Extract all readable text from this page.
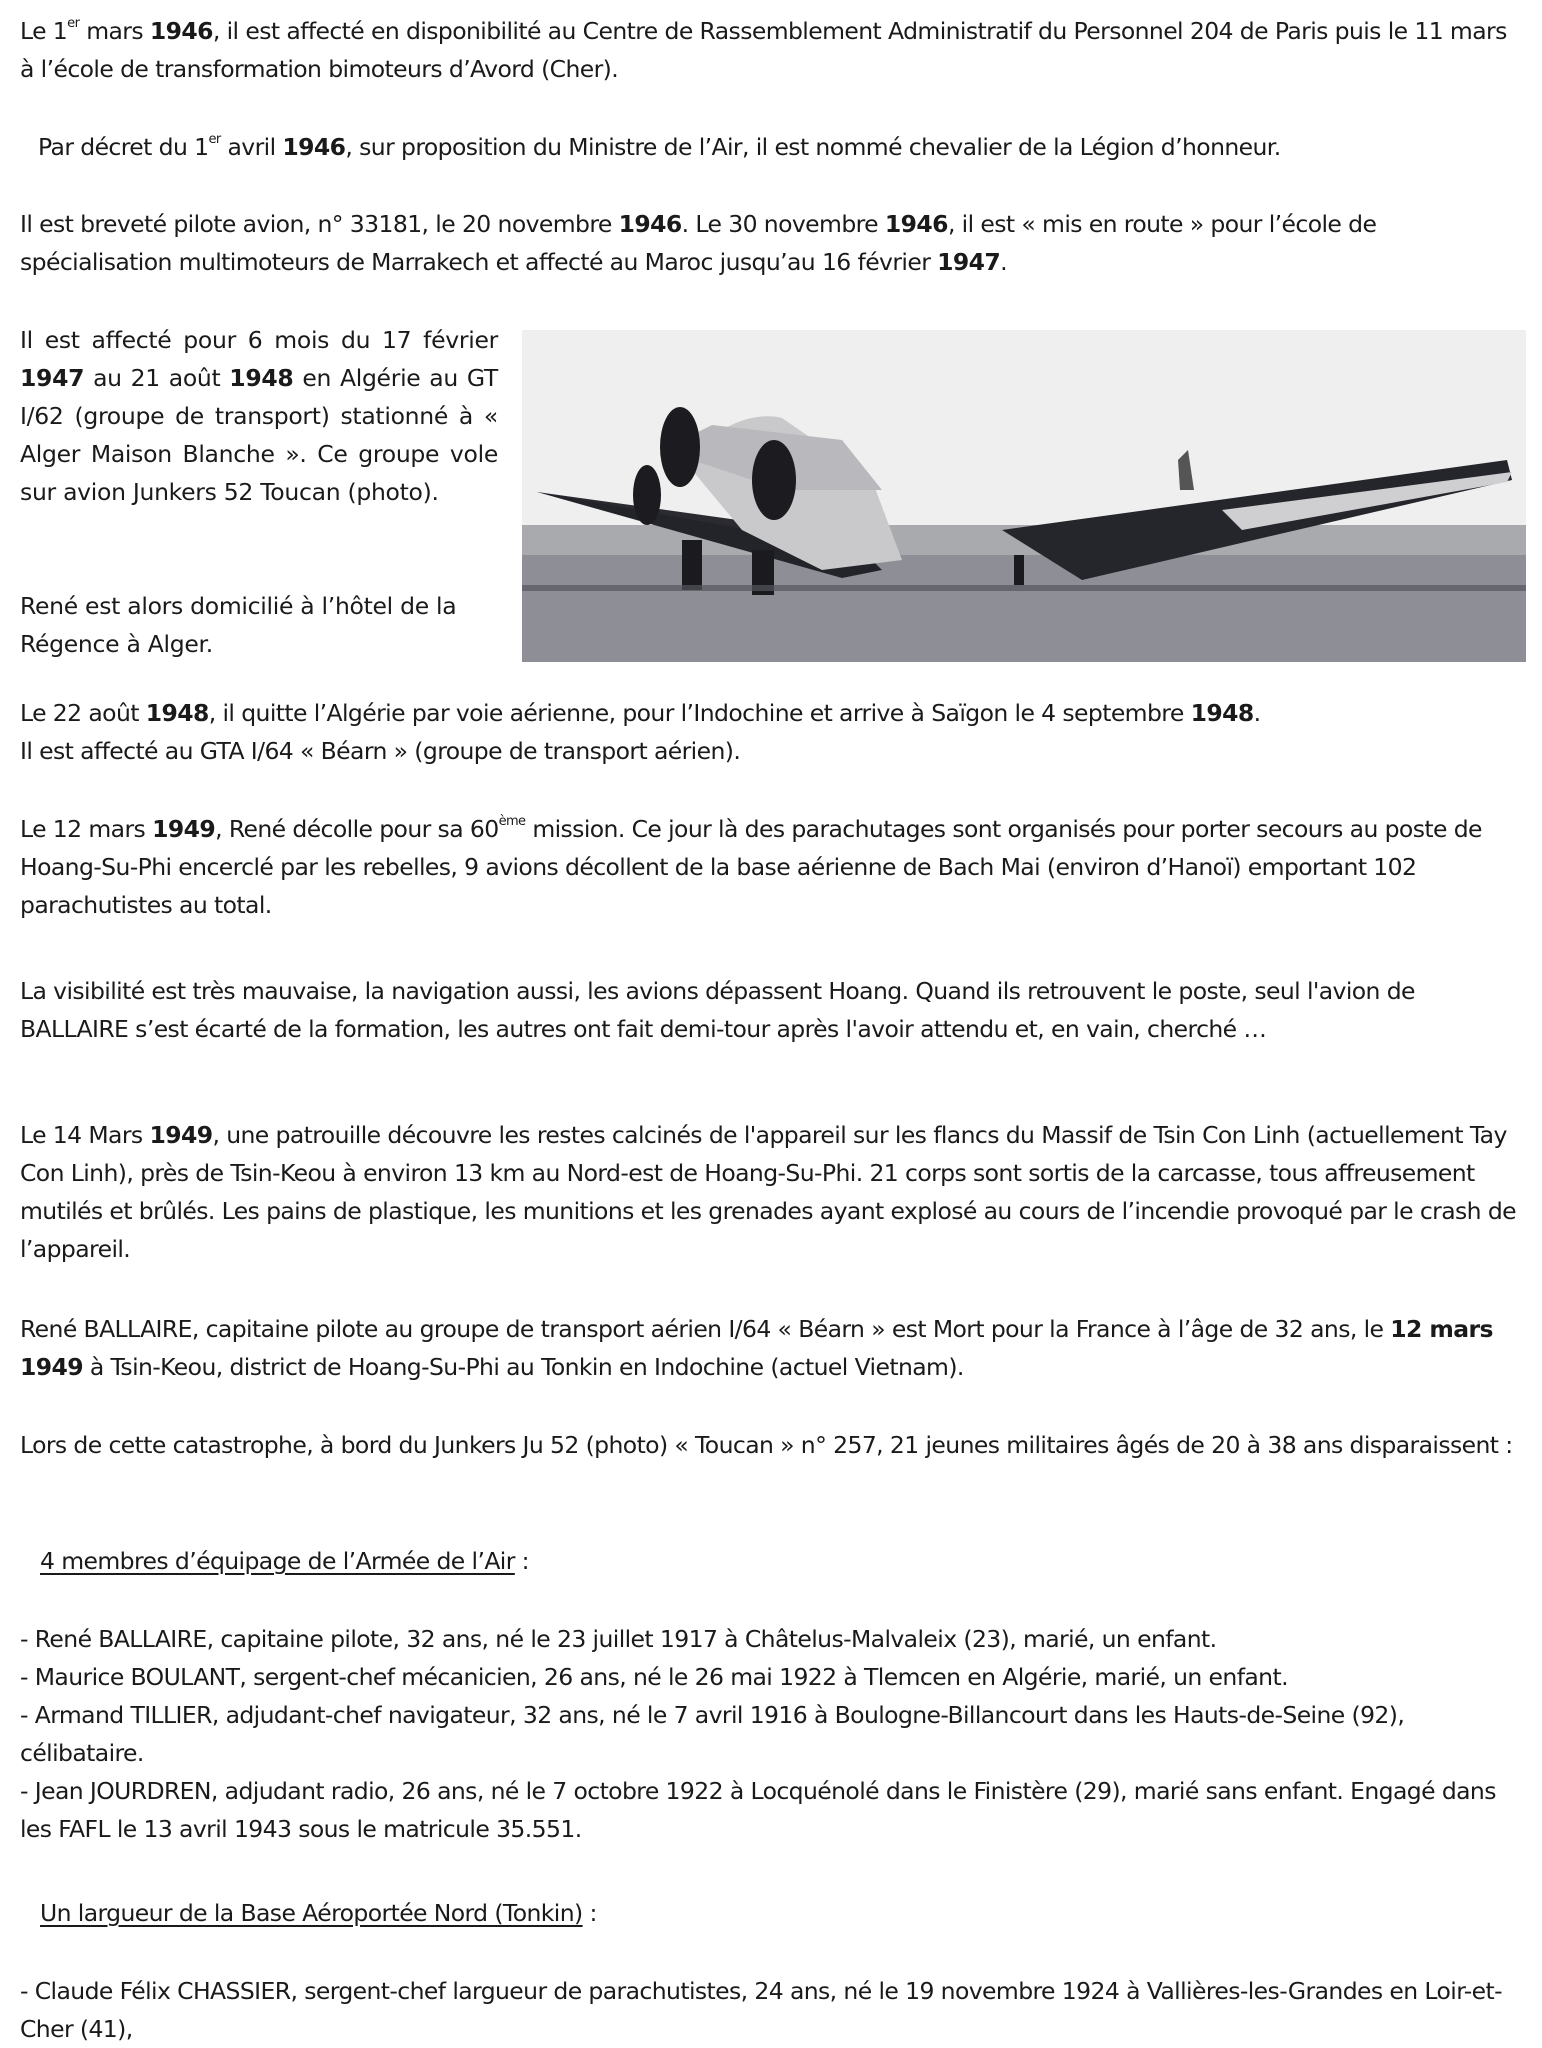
Le 1er mars 1946, il est affecté en disponibilité au Centre de Rassemblement Administratif du Personnel 204 de Paris puis le 11 mars à l’école de transformation bimoteurs d’Avord (Cher).

Par décret du 1er avril 1946, sur proposition du Ministre de l’Air, il est nommé chevalier de la Légion d’honneur.

Il est breveté pilote avion, n° 33181, le 20 novembre 1946. Le 30 novembre 1946, il est « mis en route » pour l’école de spécialisation multimoteurs de Marrakech et affecté au Maroc jusqu’au 16 février 1947.

Il est affecté pour 6 mois du 17 février 1947 au 21 août 1948 en Algérie au GT I/62 (groupe de transport) stationné à « Alger Maison Blanche ». Ce groupe vole sur avion Junkers 52 Toucan (photo).

René est alors domicilié à l’hôtel de la Régence à Alger.

Le 22 août 1948, il quitte l’Algérie par voie aérienne, pour l’Indochine et arrive à Saïgon le 4 septembre 1948.
Il est affecté au GTA I/64 « Béarn » (groupe de transport aérien).

Le 12 mars 1949, René décolle pour sa 60ème mission. Ce jour là des parachutages sont organisés pour porter secours au poste de Hoang-Su-Phi encerclé par les rebelles, 9 avions décollent de la base aérienne de Bach Mai (environ d’Hanoï) emportant 102 parachutistes au total.

La visibilité est très mauvaise, la navigation aussi, les avions dépassent Hoang. Quand ils retrouvent le poste, seul l'avion de BALLAIRE s’est écarté de la formation, les autres ont fait demi-tour après l'avoir attendu et, en vain, cherché …

Le 14 Mars 1949, une patrouille découvre les restes calcinés de l'appareil sur les flancs du Massif de Tsin Con Linh (actuellement Tay Con Linh), près de Tsin-Keou à environ 13 km au Nord-est de Hoang-Su-Phi. 21 corps sont sortis de la carcasse, tous affreusement mutilés et brûlés. Les pains de plastique, les munitions et les grenades ayant explosé au cours de l’incendie provoqué par le crash de l’appareil.

René BALLAIRE, capitaine pilote au groupe de transport aérien I/64 « Béarn » est Mort pour la France à l’âge de 32 ans, le 12 mars 1949 à Tsin-Keou, district de Hoang-Su-Phi au Tonkin en Indochine (actuel Vietnam).

Lors de cette catastrophe, à bord du Junkers Ju 52 (photo) « Toucan » n° 257, 21 jeunes militaires âgés de 20 à 38 ans disparaissent :

4 membres d’équipage de l’Armée de l’Air :

- René BALLAIRE, capitaine pilote, 32 ans, né le 23 juillet 1917 à Châtelus-Malvaleix (23), marié, un enfant.
- Maurice BOULANT, sergent-chef mécanicien, 26 ans, né le 26 mai 1922 à Tlemcen en Algérie, marié, un enfant.
- Armand TILLIER, adjudant-chef navigateur, 32 ans, né le 7 avril 1916 à Boulogne-Billancourt dans les Hauts-de-Seine (92), célibataire.
- Jean JOURDREN, adjudant radio, 26 ans, né le 7 octobre 1922 à Locquénolé dans le Finistère (29), marié sans enfant. Engagé dans les FAFL le 13 avril 1943 sous le matricule 35.551.

Un largueur de la Base Aéroportée Nord (Tonkin) :

- Claude Félix CHASSIER, sergent-chef largueur de parachutistes, 24 ans, né le 19 novembre 1924 à Vallières-les-Grandes en Loir-et-Cher (41),
